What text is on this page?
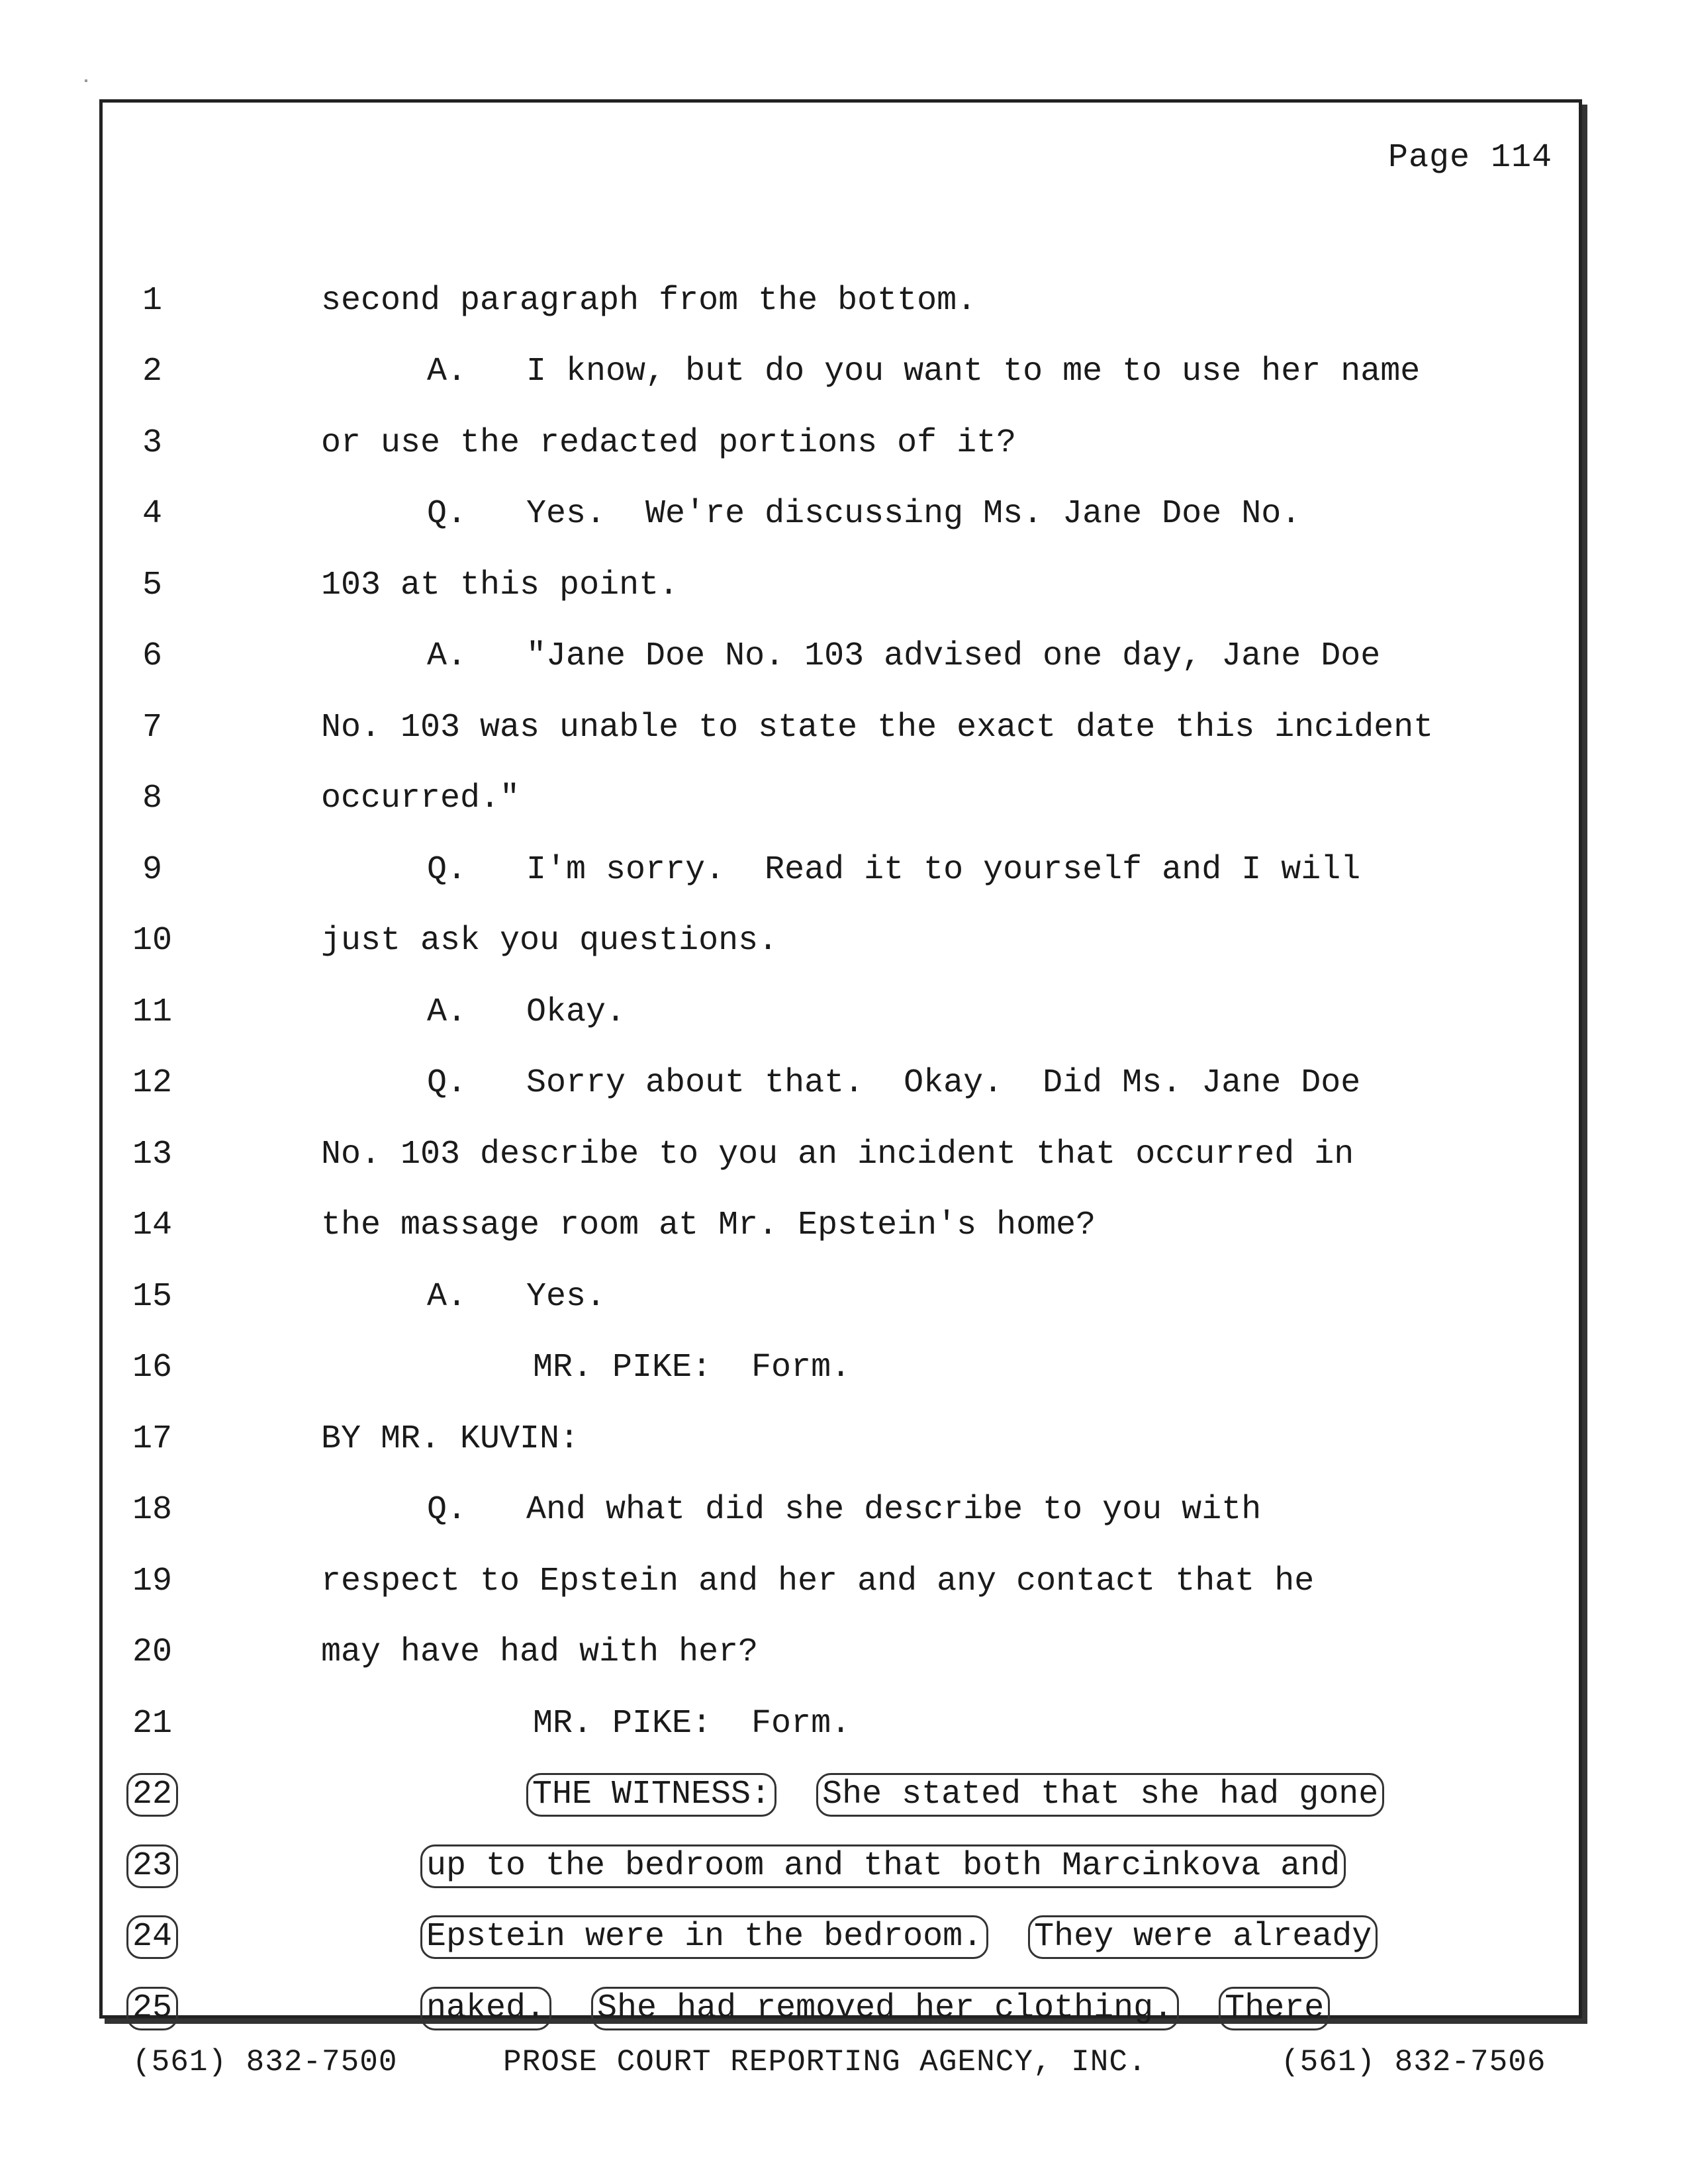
Page 114
1	second paragraph from the bottom.
2	A.   I know, but do you want to me to use her name
3	or use the redacted portions of it?
4	Q.   Yes.  We're discussing Ms. Jane Doe No.
5	103 at this point.
6	A.   "Jane Doe No. 103 advised one day, Jane Doe
7	No. 103 was unable to state the exact date this incident
8	occurred."
9	Q.   I'm sorry.  Read it to yourself and I will
10	just ask you questions.
11	A.   Okay.
12	Q.   Sorry about that.  Okay.  Did Ms. Jane Doe
13	No. 103 describe to you an incident that occurred in
14	the massage room at Mr. Epstein's home?
15	A.   Yes.
16	MR. PIKE:  Form.
17	BY MR. KUVIN:
18	Q.   And what did she describe to you with
19	respect to Epstein and her and any contact that he
20	may have had with her?
21	MR. PIKE:  Form.
22	THE WITNESS: She stated that she had gone
23	up to the bedroom and that both Marcinkova and
24	Epstein were in the bedroom. They were already
25	naked. She had removed her clothing. There
(561) 832-7500	PROSE COURT REPORTING AGENCY, INC.	(561) 832-7506
